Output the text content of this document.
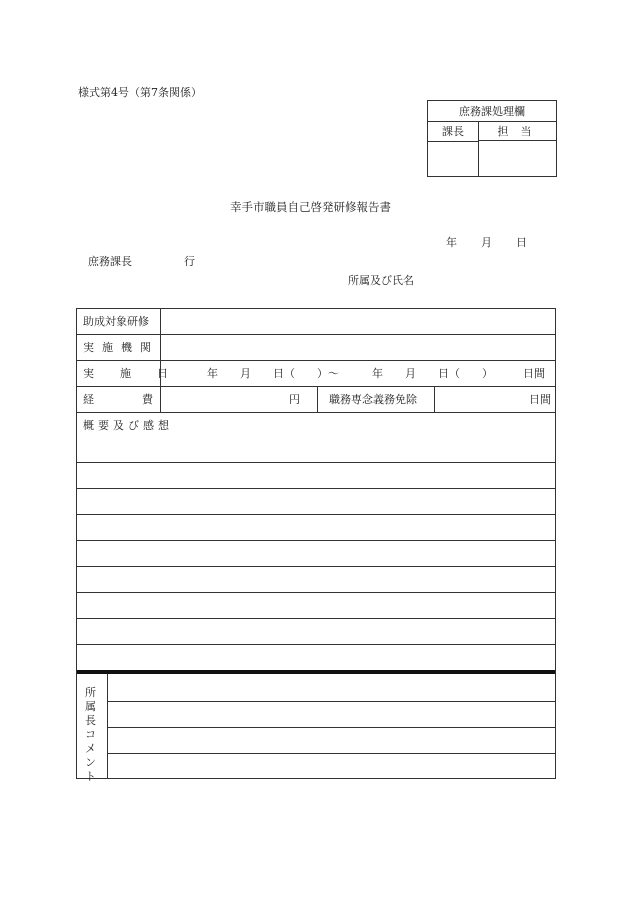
様式第4号（第7条関係）
庶務課処理欄
課長	担当
幸手市職員自己啓発研修報告書
年 月 日
庶務課長	行
所属及び氏名
助成対象研修
実施機関
実施日 年　　月　　日（　　）～　　　年　　月　　日（　　）	日間
経費	円	職務専念義務免除	日間
概要及び感想
所属長コメント
